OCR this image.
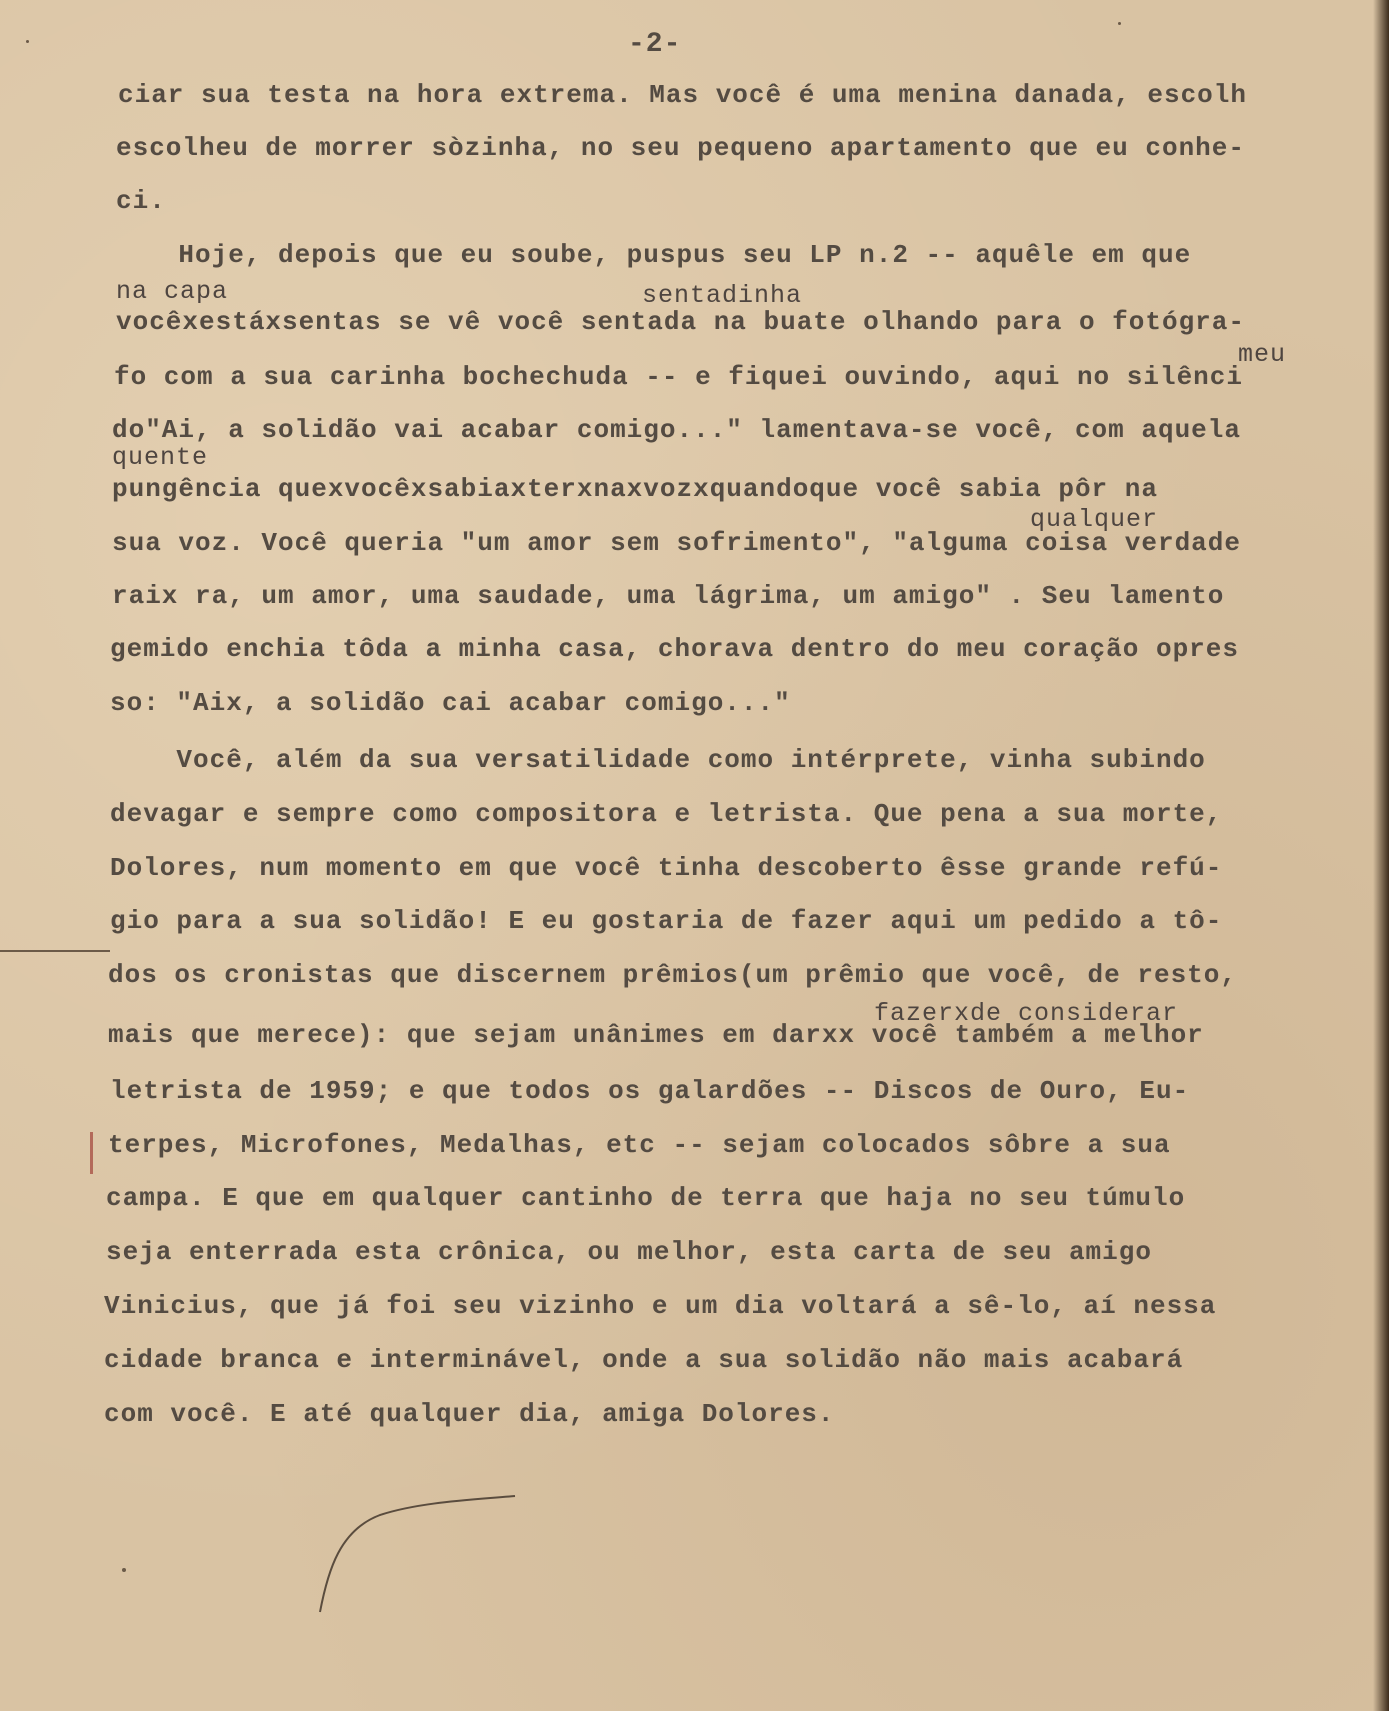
-2-
ciar sua testa na hora extrema. Mas você é uma menina danada, escolh
escolheu de morrer sòzinha, no seu pequeno apartamento que eu conhe-
ci.
Hoje, depois que eu soube, puspus seu LP n.2 -- aquêle em que
na capa	sentadinha
vocêxestáxsentas se vê você sentada na buate olhando para o fotógra-
meu
fo com a sua carinha bochechuda -- e fiquei ouvindo, aqui no silênci
do"Ai, a solidão vai acabar comigo..." lamentava-se você, com aquela
quente
pungência quexvocêxsabiaxterxnaxvozxquandoque você sabia pôr na
qualquer
sua voz. Você queria "um amor sem sofrimento", "alguma coisa verdade
raix ra, um amor, uma saudade, uma lágrima, um amigo" . Seu lamento
gemido enchia tôda a minha casa, chorava dentro do meu coração opres
so: "Aix, a solidão cai acabar comigo..."
Você, além da sua versatilidade como intérprete, vinha subindo
devagar e sempre como compositora e letrista. Que pena a sua morte,
Dolores, num momento em que você tinha descoberto êsse grande refú-
gio para a sua solidão! E eu gostaria de fazer aqui um pedido a tô-
dos os cronistas que discernem prêmios(um prêmio que você, de resto,
fazerxde considerar
mais que merece): que sejam unânimes em darxx você também a melhor
letrista de 1959; e que todos os galardões -- Discos de Ouro, Eu-
terpes, Microfones, Medalhas, etc -- sejam colocados sôbre a sua
campa. E que em qualquer cantinho de terra que haja no seu túmulo
seja enterrada esta crônica, ou melhor, esta carta de seu amigo
Vinicius, que já foi seu vizinho e um dia voltará a sê-lo, aí nessa
cidade branca e interminável, onde a sua solidão não mais acabará
com você. E até qualquer dia, amiga Dolores.
